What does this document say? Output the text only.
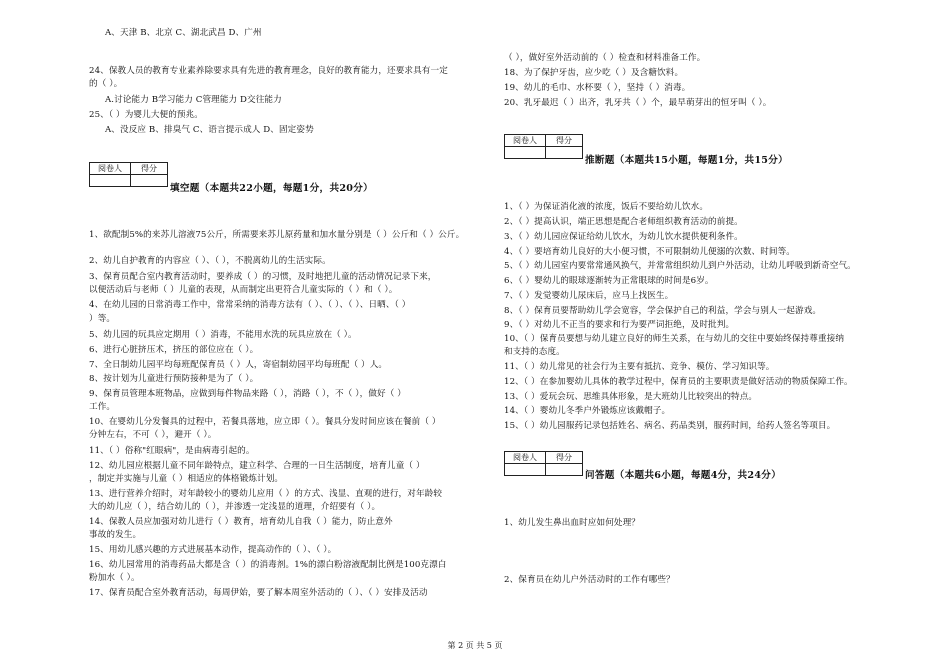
A、天津 B、北京 C、湖北武昌 D、广州
24、保教人员的教育专业素养除要求具有先进的教育理念，良好的教育能力，还要求具有一定
的（ ）。
A.讨论能力 B学习能力 C管理能力 D交往能力
25、（ ）为婴儿大便的预兆。
A、没反应 B、排臭气 C、语言提示成人 D、固定姿势
1、欲配制5%的来苏儿溶液75公斤，所需要来苏儿原药量和加水量分别是（ ）公斤和（ ）公斤。
2、幼儿自护教育的内容应（ ）、（ ），不脱离幼儿的生活实际。
3、保育员配合室内教育活动时，要养成（ ）的习惯，及时地把儿童的活动情况记录下来，
以便活动后与老师（ ）儿童的表现，从而制定出更符合儿童实际的（ ）和（ ）。
4、在幼儿园的日常消毒工作中，常常采纳的消毒方法有（ ）、（ ）、（ ）、日晒、（ ）
）等。
5、幼儿园的玩具应定期用（ ）消毒，不能用水洗的玩具应放在（ ）。
6、进行心脏挤压术，挤压的部位应在（ ）。
7、全日制幼儿园平均每班配保育员（ ）人，寄宿制幼园平均每班配（ ）人。
8、按计划为儿童进行预防接种是为了（ ）。
9、保育员管理本班物品，应做到每件物品来路（ ），消路（ ），不（ ），做好（ ）
工作。
10、在婴幼儿分发餐具的过程中，若餐具落地，应立即（ ）。餐具分发时间应该在餐前（ ）
分钟左右，不可（ ），避开（ ）。
11、（ ）俗称"红眼病"，是由病毒引起的。
12、幼儿园应根据儿童不同年龄特点，建立科学、合理的一日生活制度，培育儿童（ ）
，制定并实施与儿童（ ）相适应的体格锻炼计划。
13、进行营养介绍时，对年龄较小的婴幼儿应用（ ）的方式、浅显、直观的进行，对年龄较
大的幼儿应（ ），结合幼儿的（ ），并渗透一定浅显的道理，介绍要有（ ）。
14、保教人员应加强对幼儿进行（ ）教育，培育幼儿自我（ ）能力，防止意外
事故的发生。
15、用幼儿感兴趣的方式进展基本动作，提高动作的（ ）、（ ）。
16、幼儿园常用的消毒药品大都是含（ ）的消毒剂。1%的漂白粉溶液配制比例是100克漂白
粉加水（ ）。
17、保育员配合室外教育活动，每周伊始，要了解本周室外活动的（ ）、（ ）安排及活动
（ ），做好室外活动前的（ ）检查和材料准备工作。
18、为了保护牙齿，应少吃（ ）及含糖饮料。
19、幼儿的毛巾、水杯要（ ），坚持（ ）消毒。
20、乳牙最迟（ ）出齐，乳牙共（ ）个，最早萌芽出的恒牙叫（ ）。
1、（ ）为保证消化液的浓度，饭后不要给幼儿饮水。
2、（ ）提高认识，端正思想是配合老师组织教育活动的前提。
3、（ ）幼儿园应保证给幼儿饮水，为幼儿饮水提供便利条件。
4、（ ）要培育幼儿良好的大小便习惯，不可限制幼儿便溺的次数、时间等。
5、（ ）幼儿园室内要常常通风换气，并常常组织幼儿到户外活动，让幼儿呼吸到新奇空气。
6、（ ）婴幼儿的眼球逐渐转为正常眼球的时间是6岁。
7、（ ）发觉婴幼儿尿床后，应马上找医生。
8、（ ）保育员要帮助幼儿学会宽容，学会保护自己的利益，学会与别人一起游戏。
9、（ ）对幼儿不正当的要求和行为要严词拒绝，及时批判。
10、（ ）保育员要想与幼儿建立良好的师生关系，在与幼儿的交往中要始终保持尊重接纳
和支持的态度。
11、（ ）幼儿常见的社会行为主要有抵抗、竞争、模仿、学习知识等。
12、（ ）在参加婴幼儿具体的教学过程中，保育员的主要职责是做好活动的物质保障工作。
13、（ ）爱玩会玩、思维具体形象，是大班幼儿比较突出的特点。
14、（ ）婴幼儿冬季户外锻炼应该戴帽子。
15、（ ）幼儿园服药记录包括姓名、病名、药品类别，服药时间，给药人签名等项目。
1、幼儿发生鼻出血时应如何处理？
2、保育员在幼儿户外活动时的工作有哪些？
阅卷人	得分

填空题（本题共22小题，每题1分，共20分）
阅卷人	得分

推断题（本题共15小题，每题1分，共15分）
阅卷人	得分

问答题（本题共6小题，每题4分，共24分）
第 2 页 共 5 页
